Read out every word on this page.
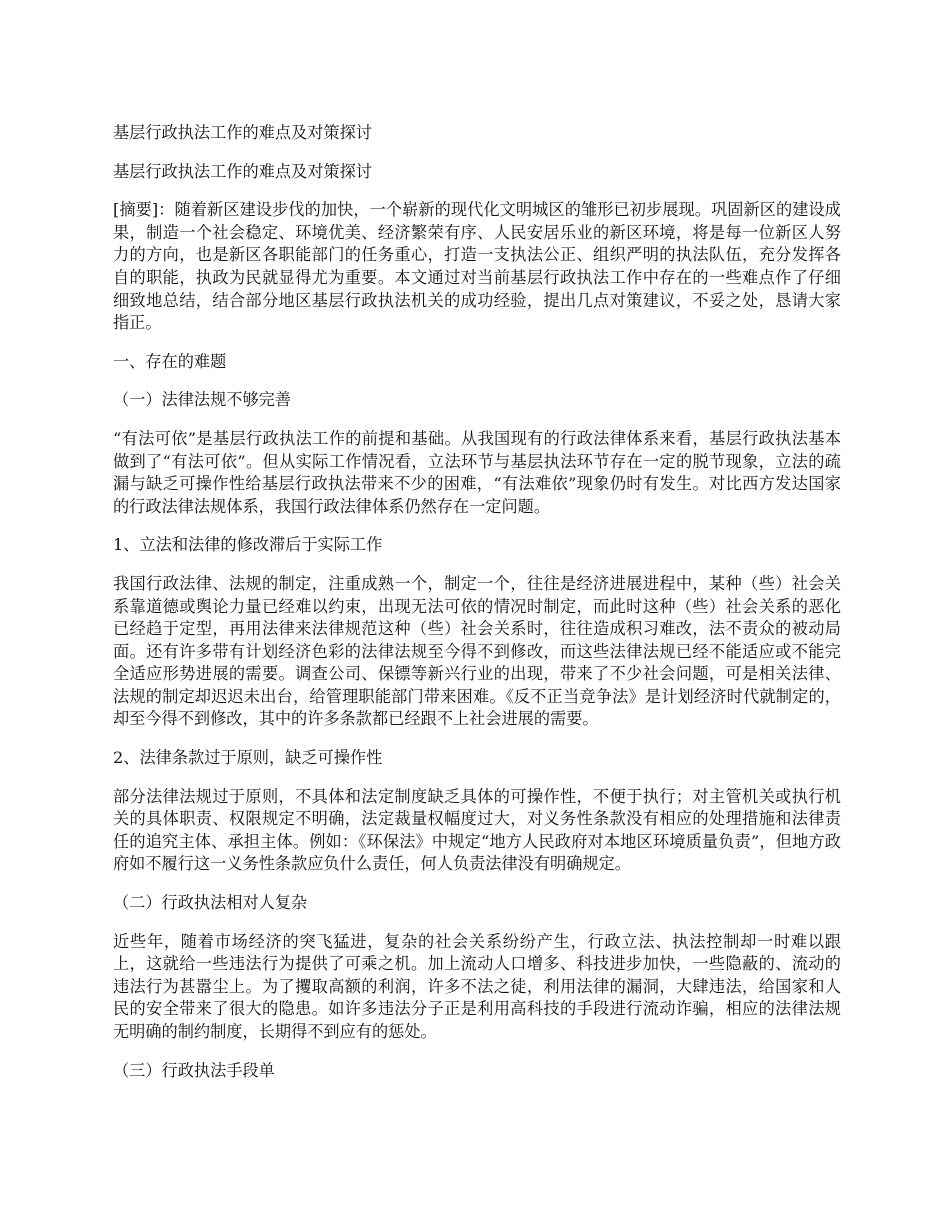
基层行政执法工作的难点及对策探讨

基层行政执法工作的难点及对策探讨

[摘要]：随着新区建设步伐的加快，一个崭新的现代化文明城区的雏形已初步展现。巩固新区的建设成果，制造一个社会稳定、环境优美、经济繁荣有序、人民安居乐业的新区环境，将是每一位新区人努力的方向，也是新区各职能部门的任务重心，打造一支执法公正、组织严明的执法队伍，充分发挥各自的职能，执政为民就显得尤为重要。本文通过对当前基层行政执法工作中存在的一些难点作了仔细细致地总结，结合部分地区基层行政执法机关的成功经验，提出几点对策建议，不妥之处，恳请大家指正。

一、存在的难题

（一）法律法规不够完善

“有法可依”是基层行政执法工作的前提和基础。从我国现有的行政法律体系来看，基层行政执法基本做到了“有法可依”。但从实际工作情况看，立法环节与基层执法环节存在一定的脱节现象，立法的疏漏与缺乏可操作性给基层行政执法带来不少的困难，“有法难依”现象仍时有发生。对比西方发达国家的行政法律法规体系，我国行政法律体系仍然存在一定问题。

1、立法和法律的修改滞后于实际工作

我国行政法律、法规的制定，注重成熟一个，制定一个，往往是经济进展进程中，某种（些）社会关系靠道德或舆论力量已经难以约束，出现无法可依的情况时制定，而此时这种（些）社会关系的恶化已经趋于定型，再用法律来法律规范这种（些）社会关系时，往往造成积习难改，法不责众的被动局面。还有许多带有计划经济色彩的法律法规至今得不到修改，而这些法律法规已经不能适应或不能完全适应形势进展的需要。调查公司、保镖等新兴行业的出现，带来了不少社会问题，可是相关法律、法规的制定却迟迟未出台，给管理职能部门带来困难。《反不正当竞争法》是计划经济时代就制定的，却至今得不到修改，其中的许多条款都已经跟不上社会进展的需要。

2、法律条款过于原则，缺乏可操作性

部分法律法规过于原则，不具体和法定制度缺乏具体的可操作性，不便于执行；对主管机关或执行机关的具体职责、权限规定不明确，法定裁量权幅度过大，对义务性条款没有相应的处理措施和法律责任的追究主体、承担主体。例如：《环保法》中规定“地方人民政府对本地区环境质量负责”，但地方政府如不履行这一义务性条款应负什么责任，何人负责法律没有明确规定。

（二）行政执法相对人复杂

近些年，随着市场经济的突飞猛进，复杂的社会关系纷纷产生，行政立法、执法控制却一时难以跟上，这就给一些违法行为提供了可乘之机。加上流动人口增多、科技进步加快，一些隐蔽的、流动的违法行为甚嚣尘上。为了攫取高额的利润，许多不法之徒，利用法律的漏洞，大肆违法，给国家和人民的安全带来了很大的隐患。如许多违法分子正是利用高科技的手段进行流动诈骗，相应的法律法规无明确的制约制度，长期得不到应有的惩处。

（三）行政执法手段单
